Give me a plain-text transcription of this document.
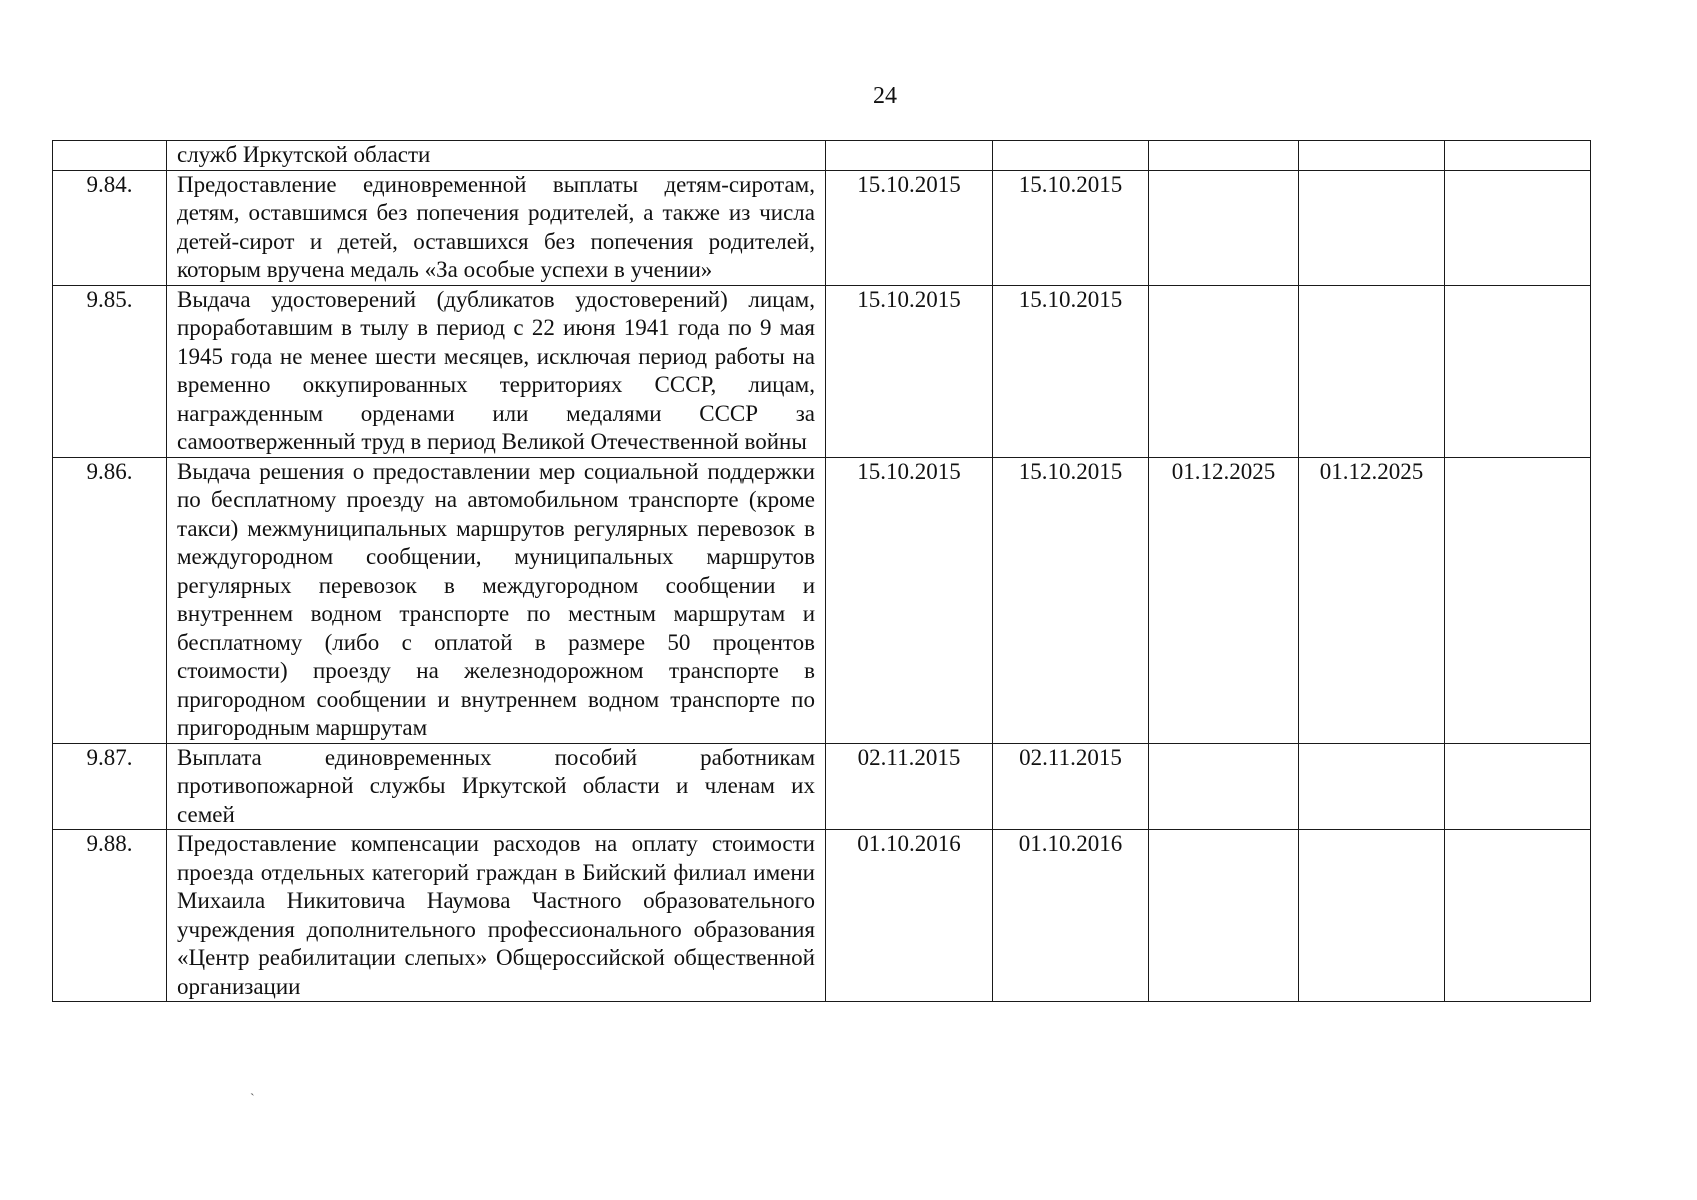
24

	служб Иркутской области					

9.84.	Предоставление единовременной выплаты детям-сиротам, детям, оставшимся без попечения родителей, а также из числа детей-сирот и детей, оставшихся без попечения родителей, которым вручена медаль «За особые успехи в учении»	15.10.2015	15.10.2015			
9.85.	Выдача удостоверений (дубликатов удостоверений) лицам, проработавшим в тылу в период с 22 июня 1941 года по 9 мая 1945 года не менее шести месяцев, исключая период работы на временно оккупированных территориях СССР, лицам, награжденным орденами или медалями СССР за самоотверженный труд в период Великой Отечественной войны	15.10.2015	15.10.2015			
9.86.	Выдача решения о предоставлении мер социальной поддержки по бесплатному проезду на автомобильном транспорте (кроме такси) межмуниципальных маршрутов регулярных перевозок в междугородном сообщении, муниципальных маршрутов регулярных перевозок в междугородном сообщении и внутреннем водном транспорте по местным маршрутам и бесплатному (либо с оплатой в размере 50 процентов стоимости) проезду на железнодорожном транспорте в пригородном сообщении и внутреннем водном транспорте по пригородным маршрутам	15.10.2015	15.10.2015	01.12.2025	01.12.2025	
9.87.	Выплата единовременных пособий работникам противопожарной службы Иркутской области и членам их семей	02.11.2015	02.11.2015			
9.88.	Предоставление компенсации расходов на оплату стоимости проезда отдельных категорий граждан в Бийский филиал имени Михаила Никитовича Наумова Частного образовательного учреждения дополнительного профессионального образования «Центр реабилитации слепых» Общероссийской общественной организации	01.10.2016	01.10.2016			
`
